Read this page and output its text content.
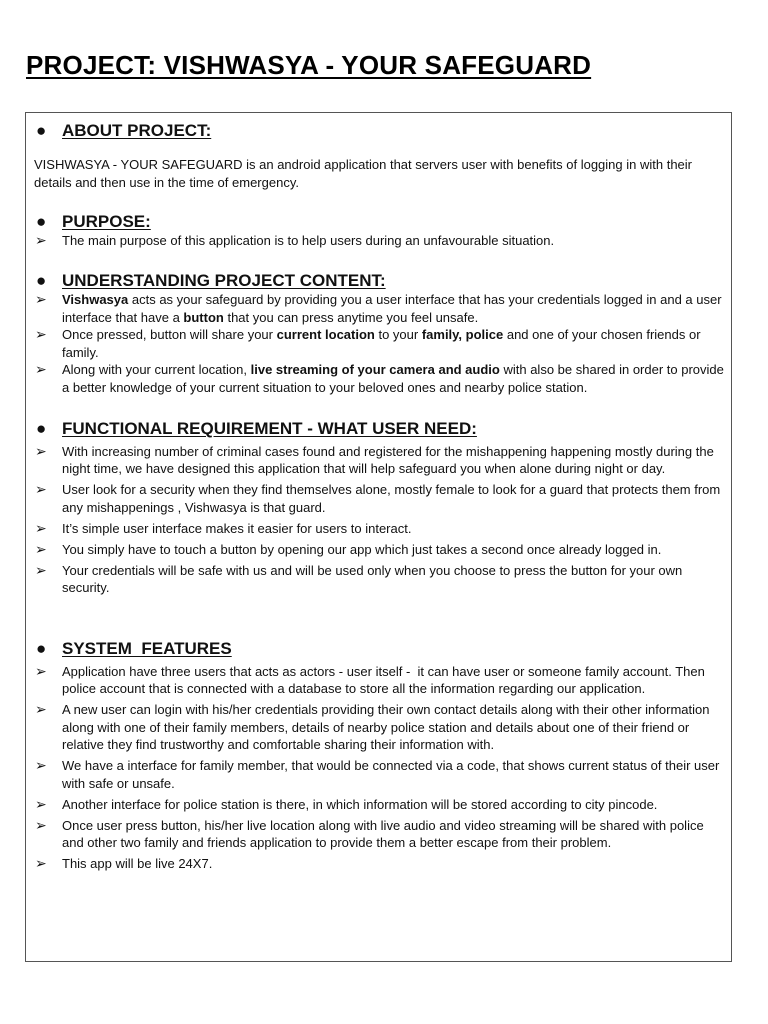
PROJECT: VISHWASYA - YOUR SAFEGUARD
● ABOUT PROJECT:
VISHWASYA - YOUR SAFEGUARD is an android application that servers user with benefits of logging in with their details and then use in the time of emergency.
● PURPOSE:
➢ The main purpose of this application is to help users during an unfavourable situation.
● UNDERSTANDING PROJECT CONTENT:
➢ Vishwasya acts as your safeguard by providing you a user interface that has your credentials logged in and a user interface that have a button that you can press anytime you feel unsafe.
➢ Once pressed, button will share your current location to your family, police and one of your chosen friends or family.
➢ Along with your current location, live streaming of your camera and audio with also be shared in order to provide a better knowledge of your current situation to your beloved ones and nearby police station.
● FUNCTIONAL REQUIREMENT - WHAT USER NEED:
➢ With increasing number of criminal cases found and registered for the mishappening happening mostly during the night time, we have designed this application that will help safeguard you when alone during night or day.
➢ User look for a security when they find themselves alone, mostly female to look for a guard that protects them from any mishappenings , Vishwasya is that guard.
➢ It’s simple user interface makes it easier for users to interact.
➢ You simply have to touch a button by opening our app which just takes a second once already logged in.
➢ Your credentials will be safe with us and will be used only when you choose to press the button for your own security.
● SYSTEM  FEATURES
➢ Application have three users that acts as actors - user itself -  it can have user or someone family account. Then police account that is connected with a database to store all the information regarding our application.
➢ A new user can login with his/her credentials providing their own contact details along with their other information along with one of their family members, details of nearby police station and details about one of their friend or relative they find trustworthy and comfortable sharing their information with.
➢ We have a interface for family member, that would be connected via a code, that shows current status of their user with safe or unsafe.
➢ Another interface for police station is there, in which information will be stored according to city pincode.
➢ Once user press button, his/her live location along with live audio and video streaming will be shared with police and other two family and friends application to provide them a better escape from their problem.
➢ This app will be live 24X7.
